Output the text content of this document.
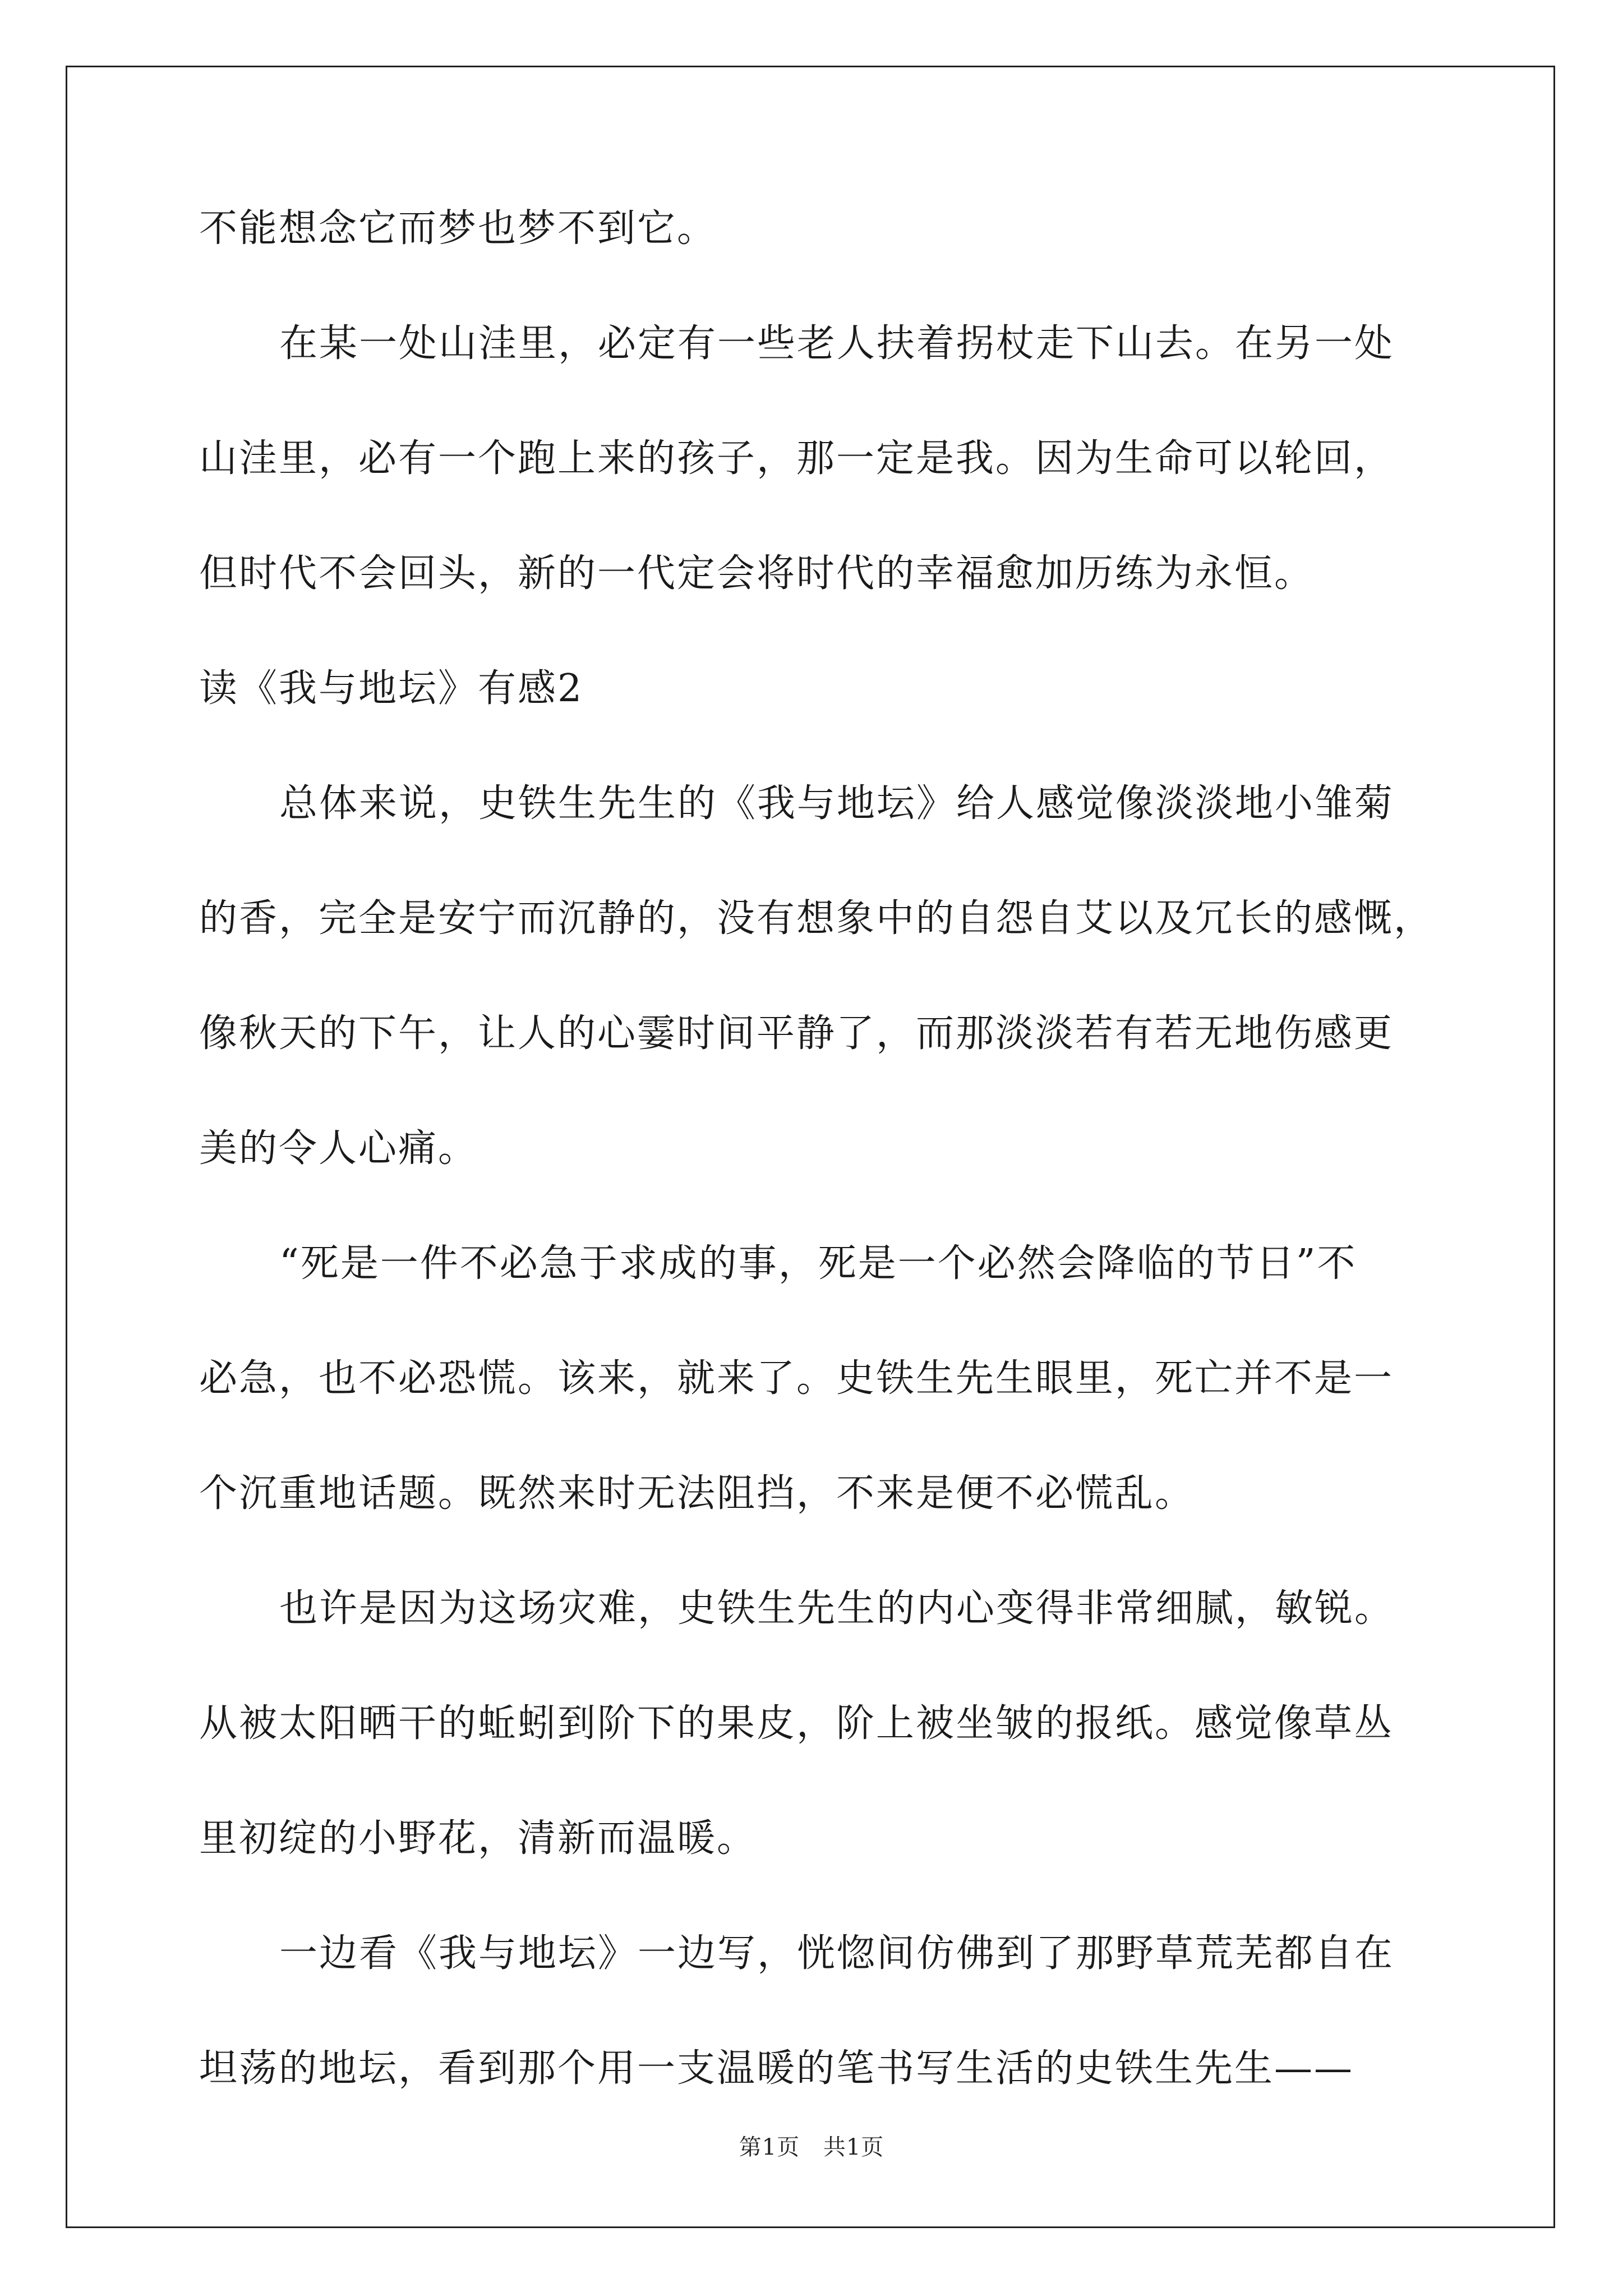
不能想念它而梦也梦不到它。

在某一处山洼里，必定有一些老人扶着拐杖走下山去。在另一处

山洼里，必有一个跑上来的孩子，那一定是我。因为生命可以轮回，

但时代不会回头，新的一代定会将时代的幸福愈加历练为永恒。

读《我与地坛》有感2

总体来说，史铁生先生的《我与地坛》给人感觉像淡淡地小雏菊

的香，完全是安宁而沉静的，没有想象中的自怨自艾以及冗长的感慨，

像秋天的下午，让人的心霎时间平静了，而那淡淡若有若无地伤感更

美的令人心痛。

“死是一件不必急于求成的事，死是一个必然会降临的节日”不

必急，也不必恐慌。该来，就来了。史铁生先生眼里，死亡并不是一

个沉重地话题。既然来时无法阻挡，不来是便不必慌乱。

也许是因为这场灾难，史铁生先生的内心变得非常细腻，敏锐。

从被太阳晒干的蚯蚓到阶下的果皮，阶上被坐皱的报纸。感觉像草丛

里初绽的小野花，清新而温暖。

一边看《我与地坛》一边写，恍惚间仿佛到了那野草荒芜都自在

坦荡的地坛，看到那个用一支温暖的笔书写生活的史铁生先生——

第1页 共1页
